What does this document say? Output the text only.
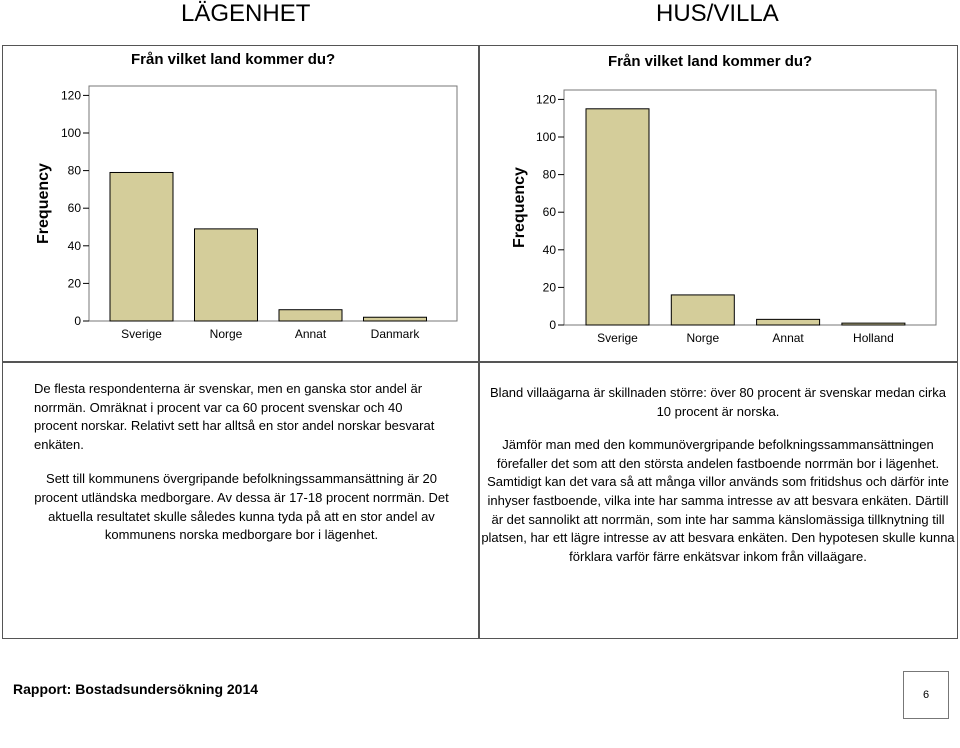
LÄGENHET	HUS/VILLA
Från vilket land kommer du?	Från vilket land kommer du?
0
20
40
60
80
100
120
Frequency
Sverige	Norge	Annat	Danmark
0
20
40
60
80
100
120
Frequency
Sverige	Norge	Annat	Holland

De flesta respondenterna är svenskar, men en ganska stor andel är norrmän. Omräknat i procent var ca 60 procent svenskar och 40 procent norskar. Relativt sett har alltså en stor andel norskar besvarat enkäten.

Sett till kommunens övergripande befolkningssammansättning är 20 procent utländska medborgare. Av dessa är 17-18 procent norrmän. Det aktuella resultatet skulle således kunna tyda på att en stor andel av kommunens norska medborgare bor i lägenhet.

Bland villaägarna är skillnaden större: över 80 procent är svenskar medan cirka 10 procent är norska.

Jämför man med den kommunövergripande befolkningssammansättningen förefaller det som att den största andelen fastboende norrmän bor i lägenhet. Samtidigt kan det vara så att många villor används som fritidshus och därför inte inhyser fastboende, vilka inte har samma intresse av att besvara enkäten. Därtill är det sannolikt att norrmän, som inte har samma känslomässiga tillknytning till platsen, har ett lägre intresse av att besvara enkäten. Den hypotesen skulle kunna förklara varför färre enkätsvar inkom från villaägare.

Rapport: Bostadsundersökning 2014	6
